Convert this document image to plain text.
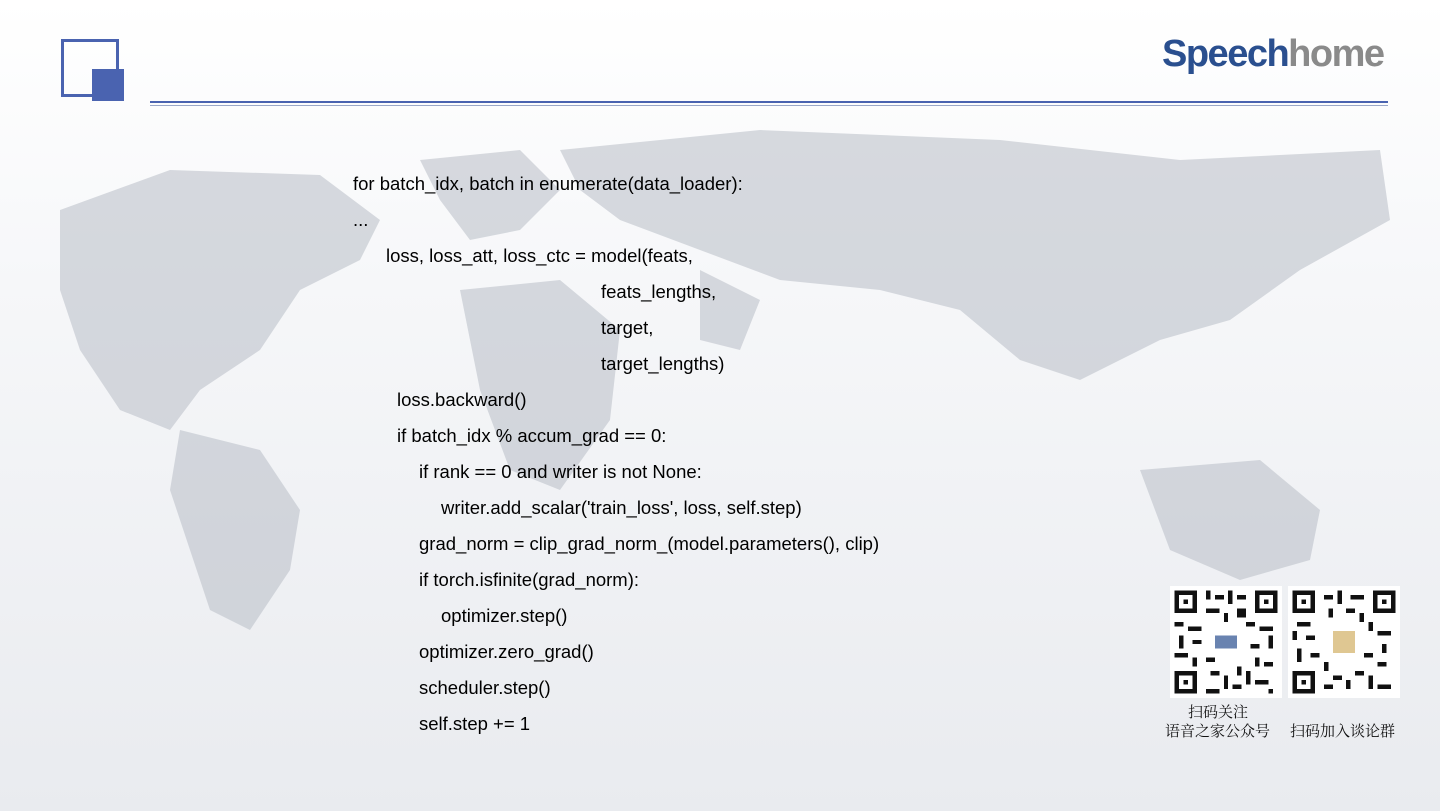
Speechhome
for batch_idx, batch in enumerate(data_loader):
...
loss, loss_att, loss_ctc = model(feats,
feats_lengths,
target,
target_lengths)
loss.backward()
if batch_idx % accum_grad == 0:
if rank == 0 and writer is not None:
writer.add_scalar('train_loss', loss, self.step)
grad_norm = clip_grad_norm_(model.parameters(), clip)
if torch.isfinite(grad_norm):
optimizer.step()
optimizer.zero_grad()
scheduler.step()
self.step += 1
扫码关注
语音之家公众号 扫码加入谈论群
